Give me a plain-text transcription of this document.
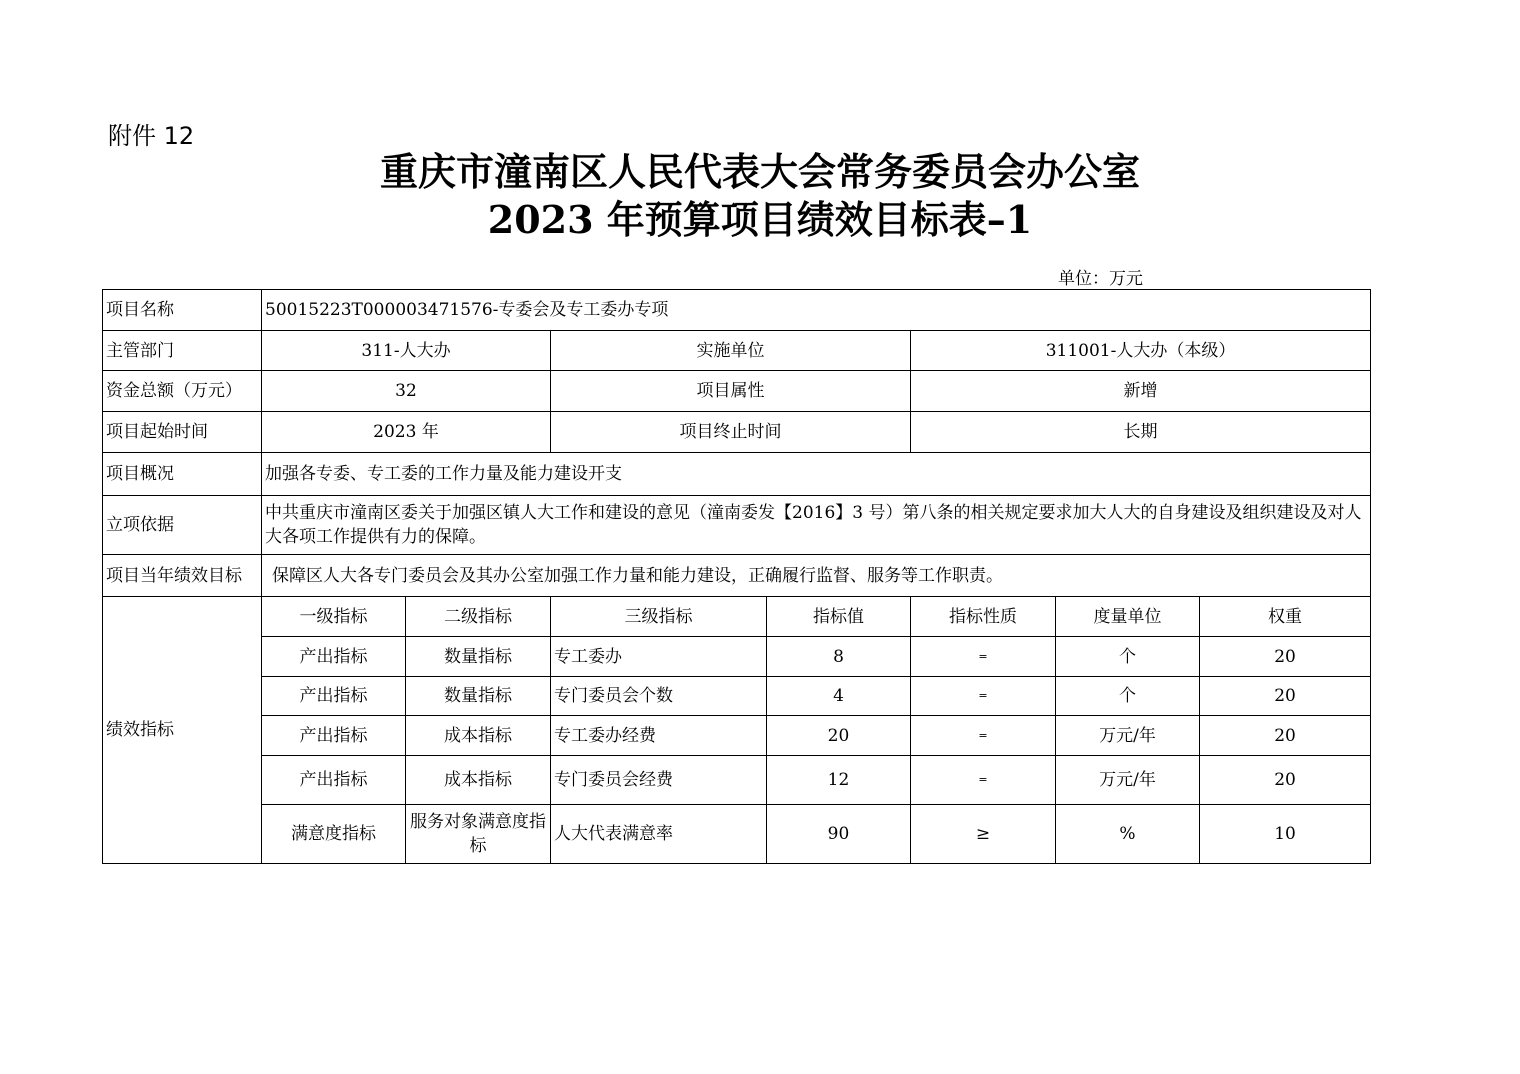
附件 12
重庆市潼南区人民代表大会常务委员会办公室
2023 年预算项目绩效目标表–1
单位：万元
项目名称	50015223T000003471576-专委会及专工委办专项						
主管部门	311-人大办		实施单位		311001-人大办（本级）		
资金总额（万元）	32		项目属性		新增		
项目起始时间	2023 年		项目终止时间		长期		
项目概况	加强各专委、专工委的工作力量及能力建设开支						
立项依据	中共重庆市潼南区委关于加强区镇人大工作和建设的意见（潼南委发【2016】3 号）第八条的相关规定要求加大人大的自身建设及组织建设及对人大各项工作提供有力的保障。						
项目当年绩效目标	保障区人大各专门委员会及其办公室加强工作力量和能力建设，正确履行监督、服务等工作职责。						
绩效指标	一级指标	二级指标	三级指标	指标值	指标性质	度量单位	权重
	产出指标	数量指标	专工委办	8	=	个	20
	产出指标	数量指标	专门委员会个数	4	=	个	20
	产出指标	成本指标	专工委办经费	20	=	万元/年	20
	产出指标	成本指标	专门委员会经费	12	=	万元/年	20
	满意度指标	服务对象满意度指标	人大代表满意率	90	≥	%	10
